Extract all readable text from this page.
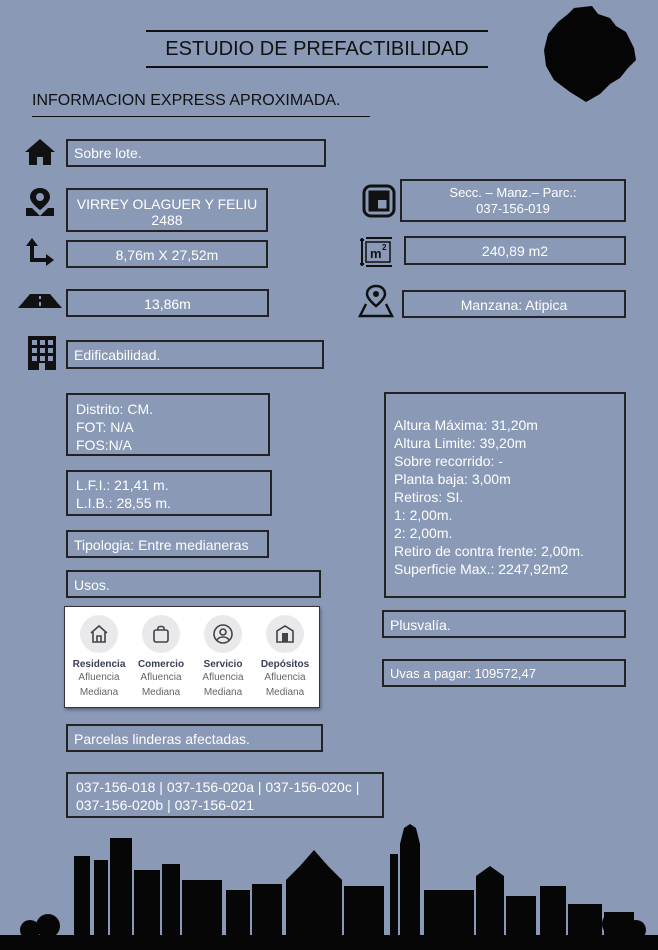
ESTUDIO DE PREFACTIBILIDAD
INFORMACION EXPRESS APROXIMADA.
Sobre lote.
VIRREY OLAGUER Y FELIU
2488
Secc. – Manz.– Parc.:
037-156-019
8,76m X 27,52m	m 2	240,89 m2
13,86m	Manzana: Atipica
Edificabilidad.
Distrito: CM.
FOT: N/A
FOS:N/A
L.F.I.: 21,41 m.
L.I.B.: 28,55 m.
Tipologia: Entre medianeras
Altura Máxima: 31,20m
Altura Limite: 39,20m
Sobre recorrido: -
Planta baja: 3,00m
Retiros: SI.
1: 2,00m.
2: 2,00m.
Retiro de contra frente: 2,00m.
Superficie Max.: 2247,92m2
Usos.
Residencia
Afluencia
Mediana
Comercio
Afluencia
Mediana
Servicio
Afluencia
Mediana
Depósitos
Afluencia
Mediana
Plusvalía.
Uvas a pagar: 109572,47
Parcelas linderas afectadas.
037-156-018 | 037-156-020a | 037-156-020c |
037-156-020b | 037-156-021
